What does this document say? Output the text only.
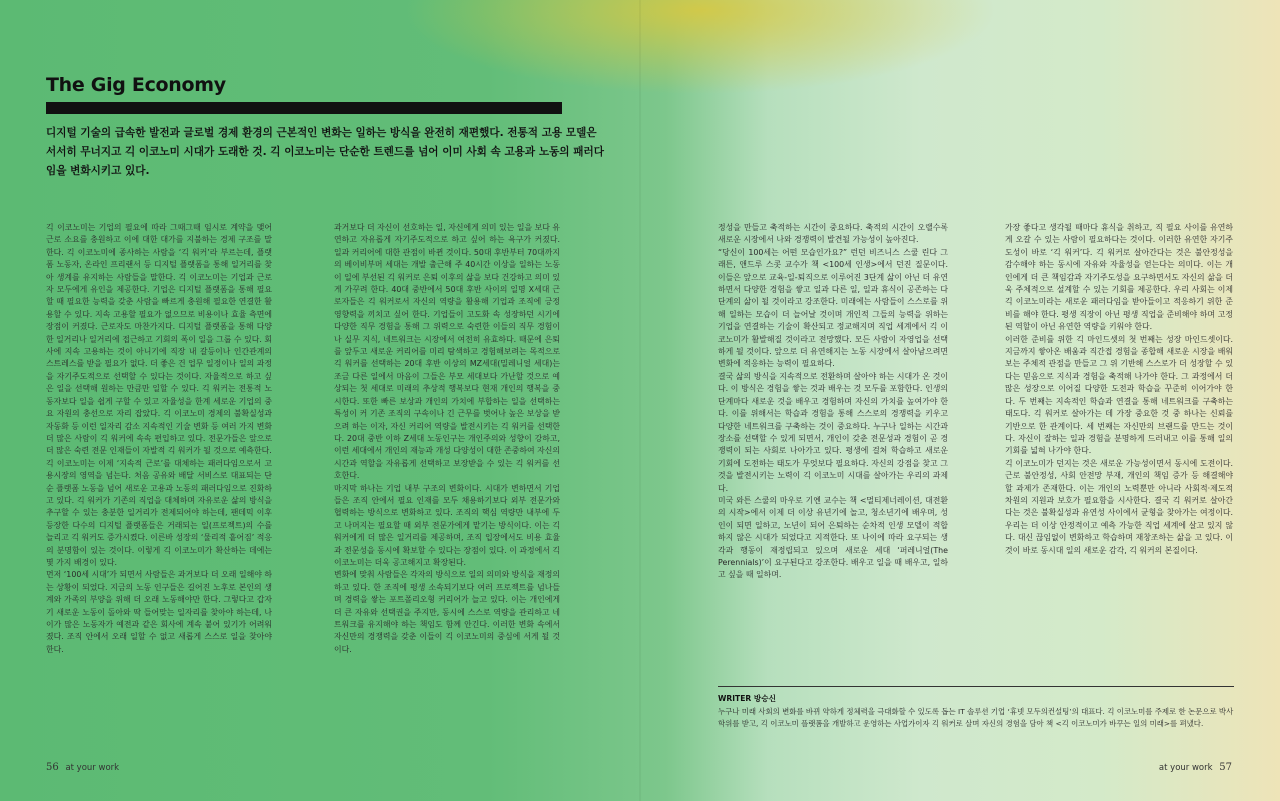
The Gig Economy
디지털 기술의 급속한 발전과 글로벌 경제 환경의 근본적인 변화는 일하는 방식을 완전히 재편했다. 전통적 고용 모델은 서서히 무너지고 긱 이코노미 시대가 도래한 것. 긱 이코노미는 단순한 트렌드를 넘어 이미 사회 속 고용과 노동의 패러다임을 변화시키고 있다.

긱 이코노미는 기업의 필요에 따라 그때그때 임시로 계약을 맺어 근로 소요를 충원하고 이에 대한 대가를 지불하는 경제 구조를 말한다. 긱 이코노미에 종사하는 사람을 ‘긱 워커’라 부르는데, 플랫폼 노동자, 온라인 프리랜서 등 디지털 플랫폼을 통해 일거리를 찾아 생계를 유지하는 사람들을 말한다. 긱 이코노미는 기업과 근로자 모두에게 유인을 제공한다. 기업은 디지털 플랫폼을 통해 필요할 때 필요한 능력을 갖춘 사람을 빠르게 충원해 필요한 연결한 활용할 수 있다. 지속 고용할 필요가 없으므로 비용이나 효율 측면에 장점이 커졌다. 근로자도 마찬가지다. 디지털 플랫폼을 통해 다양한 일거리나 일거리에 접근하고 기회의 폭이 일을 그룹 수 있다. 회사에 지속 고용하는 것이 아니기에 직장 내 갈등이나 인간관계의 스트레스를 받을 필요가 없다. 더 좋은 건 업무 일정이나 일의 과정을 자기주도적으로 선택할 수 있다는 것이다. 자율적으로 하고 싶은 일을 선택해 원하는 만큼만 일할 수 있다. 긱 워커는 전통적 노동자보다 일을 쉽게 구할 수 있고 자율성을 한계 세로운 기업의 중요 자원의 충선으로 자리 잡았다. 긱 이코노미 경제의 불확실성과 자동화 등 이런 일자리 감소 지속적인 기술 변화 등 여러 가지 변화 더 많은 사람이 긱 워커에 속속 편입하고 있다. 전문가들은 앞으로 더 많은 숙련 전문 인재들이 자발적 긱 워커가 될 것으로 예측한다.
긱 이코노미는 이제 ‘지속적 근로’를 대체하는 패러다임으로서 고용시장의 영역을 넘는다. 처음 공유와 배달 서비스로 대표되는 단순 플랫폼 노동을 넘어 새로운 고용과 노동의 패러다임으로 진화하고 있다. 긱 워커가 기존의 직업을 대체하며 자유로운 삶의 방식을 추구할 수 있는 충분한 일거리가 전제되어야 하는데, 팬데믹 이후 등장한 다수의 디지털 플랫폼들은 거래되는 일(프로젝트)의 수를 늘리고 긱 워커도 증가시켰다. 이른바 성장의 ‘물리적 흩어짐’ 적응의 분명함이 있는 것이다. 이렇게 긱 이코노미가 확산하는 데에는 몇 가지 배경이 있다.
먼저 ‘100세 시대’가 되면서 사람들은 과거보다 더 오래 일해야 하는 상황이 되었다. 지금의 노동 인구들은 길어진 노후로 본인의 생계와 가족의 부양을 위해 더 오래 노동해야만 한다. 그렇다고 갑자기 새로운 노동이 돌아와 딱 들어맞는 일자리를 찾아야 하는데, 나이가 많은 노동자가 예전과 같은 회사에 계속 붙어 있기가 어려워졌다. 조직 안에서 오래 일할 수 없고 새롭게 스스로 일을 찾아야 한다.

과거보다 더 자신이 선호하는 일, 자신에게 의미 있는 일을 보다 유연하고 자유롭게 자기주도적으로 하고 싶어 하는 욕구가 커졌다. 일과 커리어에 대한 관점이 바뀐 것이다. 50대 후반부터 70대까지의 베이비부머 세대는 개발 출근해 주 40시간 이상을 일하는 노동이 일에 부선된 긱 워커로 은퇴 이후의 삶을 보다 건강하고 의미 있게 가꾸려 한다. 40대 중반에서 50대 후반 사이의 일명 X세대 근로자들은 긱 워커로서 자신의 역량을 활용해 기업과 조직에 긍정 영향력을 끼치고 싶어 한다. 기업들이 고도화 속 성장하던 시기에 다양한 직무 경험을 통해 그 위력으로 숙련한 이들의 직무 경험이나 실무 지식, 네트워크는 시장에서 여전히 유효하다. 때문에 은퇴를 앞두고 새로운 커리어를 미리 탐색하고 경험해보려는 목적으로 긱 워커를 선택하는 20대 후반 이상의 MZ세대(밀레니얼 세대)는 조금 다른 일에서 마음이 그들은 부모 세대보다 가난할 것으로 예상되는 첫 세대로 미래의 추상적 행복보다 현재 개인의 행복을 중시한다. 또한 빠른 보상과 개인의 가치에 부합하는 일을 선택하는 특성이 커 기존 조직의 구속이나 긴 근무를 벗어나 높은 보상을 받으려 하는 이자, 자신 커리어 역량을 발전시키는 긱 워커를 선택한다. 20대 중반 이하 Z세대 노동인구는 개인주의와 성향이 강하고, 이런 세대에서 개인의 재능과 개성 다양성이 대한 존중하여 자신의 시간과 역할을 자유롭게 선택하고 보장받을 수 있는 긱 워커를 선호한다.
마지막 하나는 기업 내부 구조의 변화이다. 시대가 변하면서 기업들은 조직 안에서 필요 인재를 모두 채용하기보다 외부 전문가와 협력하는 방식으로 변화하고 있다. 조직의 핵심 역량만 내부에 두고 나머지는 필요할 때 외부 전문가에게 맡기는 방식이다. 이는 긱 워커에게 더 많은 일거리를 제공하며, 조직 입장에서도 비용 효율과 전문성을 동시에 확보할 수 있다는 장점이 있다. 이 과정에서 긱 이코노미는 더욱 공고해지고 확장된다.
변화에 맞춰 사람들은 각자의 방식으로 일의 의미와 방식을 재정의하고 있다. 한 조직에 평생 소속되기보다 여러 프로젝트를 넘나들며 경력을 쌓는 포트폴리오형 커리어가 늘고 있다. 이는 개인에게 더 큰 자유와 선택권을 주지만, 동시에 스스로 역량을 관리하고 네트워크를 유지해야 하는 책임도 함께 안긴다. 이러한 변화 속에서 자신만의 경쟁력을 갖춘 이들이 긱 이코노미의 중심에 서게 될 것이다.

56 at your work

정성을 만들고 축적하는 시간이 중요하다. 축적의 시간이 오랠수록 새로운 시장에서 나와 경쟁력이 발견될 가능성이 높아진다.
“당신이 100세는 어떤 모습인가요?” 런던 비즈니스 스쿨 린다 그래튼, 앤드루 스콧 교수가 책 <100세 인생>에서 던진 질문이다. 이들은 앞으로 교육-일-퇴직으로 이루어진 3단계 삶이 아닌 더 유연하면서 다양한 경험을 쌓고 일과 다른 일, 일과 휴식이 공존하는 다단계의 삶이 될 것이라고 강조한다. 미래에는 사람들이 스스로를 위해 일하는 모습이 더 늘어날 것이며 개인적 그들의 능력을 위하는 기업을 연결하는 기술이 확산되고 정교해지며 직업 세계에서 긱 이코노미가 활발해질 것이라고 전망했다. 모든 사람이 자영업을 선택하게 될 것이다. 앞으로 더 유연해지는 노동 시장에서 살아남으려면 변화에 적응하는 능력이 필요하다.
결국 삶의 방식을 지속적으로 전환하며 살아야 하는 시대가 온 것이다. 이 방식은 경험을 쌓는 것과 배우는 것 모두를 포함한다. 인생의 단계마다 새로운 것을 배우고 경험하며 자신의 가치를 높여가야 한다. 이를 위해서는 학습과 경험을 통해 스스로의 경쟁력을 키우고 다양한 네트워크를 구축하는 것이 중요하다. 누구나 일하는 시간과 장소를 선택할 수 있게 되면서, 개인이 갖춘 전문성과 경험이 곧 경쟁력이 되는 사회로 나아가고 있다. 평생에 걸쳐 학습하고 새로운 기회에 도전하는 태도가 무엇보다 필요하다. 자신의 강점을 찾고 그것을 발전시키는 노력이 긱 이코노미 시대를 살아가는 우리의 과제다.
미국 와튼 스쿨의 마우로 기옌 교수는 책 <멀티제너레이션, 대전환의 시작>에서 이제 더 이상 유년기에 놀고, 청소년기에 배우며, 성인이 되면 일하고, 노년이 되어 은퇴하는 순차적 인생 모델이 적합하지 않은 시대가 되었다고 지적한다. 또 나이에 따라 요구되는 생각과 행동이 재정립되고 있으며 새로운 세대 ‘퍼레니얼(The Perennials)’이 요구된다고 강조한다. 배우고 일을 때 배우고, 일하고 싶을 때 일하며.

가장 좋다고 생각될 때마다 휴식을 취하고, 직 필요 사이를 유연하게 오갈 수 있는 사람이 필요하다는 것이다. 이러한 유연한 자기주도성이 바로 ‘긱 워커’다. 긱 워커로 살아간다는 것은 불안정성을 감수해야 하는 동시에 자유와 자율성을 얻는다는 의미다. 이는 개인에게 더 큰 책임감과 자기주도성을 요구하면서도 자신의 삶을 더욱 주체적으로 설계할 수 있는 기회를 제공한다. 우리 사회는 이제 긱 이코노미라는 새로운 패러다임을 받아들이고 적응하기 위한 준비를 해야 한다. 평생 직장이 아닌 평생 직업을 준비해야 하며 고정된 역할이 아닌 유연한 역량을 키워야 한다.
이러한 준비를 위한 긱 마인드셋의 첫 번째는 성장 마인드셋이다. 지금까지 쌓아온 배움과 직간접 경험을 종합해 새로운 시장을 배워보는 주체적 관점을 만들고 그 위 기반해 스스로가 더 성장할 수 있다는 믿음으로 지식과 경험을 축적해 나가야 한다. 그 과정에서 더 많은 성장으로 이어질 다양한 도전과 학습을 꾸준히 이어가야 한다. 두 번째는 지속적인 학습과 연결을 통해 네트워크를 구축하는 태도다. 긱 워커로 살아가는 데 가장 중요한 것 중 하나는 신뢰를 기반으로 한 관계이다. 세 번째는 자신만의 브랜드를 만드는 것이다. 자신이 잘하는 일과 경험을 분명하게 드러내고 이를 통해 일의 기회를 넓혀 나가야 한다.
긱 이코노미가 던지는 것은 새로운 가능성이면서 동시에 도전이다. 근로 불안정성, 사회 안전망 부재, 개인의 책임 증가 등 해결해야 할 과제가 존재한다. 이는 개인의 노력뿐만 아니라 사회적·제도적 차원의 지원과 보호가 필요함을 시사한다. 결국 긱 워커로 살아간다는 것은 불확실성과 유연성 사이에서 균형을 찾아가는 여정이다. 우리는 더 이상 안정적이고 예측 가능한 직업 세계에 살고 있지 않다. 대신 끊임없이 변화하고 학습하며 재창조하는 삶을 고 있다. 이것이 바로 동시대 일의 새로운 감각, 긱 워커의 본질이다.

WRITER 방승신
누구나 미래 사회의 변화를 바뀌 약하게 정체력을 극대화할 수 있도록 돕는 IT 솔루션 기업 ‘휴넷 모두의컨설팅’의 대표다. 긱 이코노미를 주제로 한 논문으로 박사 학위를 받고, 긱 이코노미 플랫폼을 개발하고 운영하는 사업가이자 긱 워커로 살며 자신의 경험을 담아 책 <긱 이코노미가 바꾸는 일의 미래>를 펴냈다.
at your work 57
